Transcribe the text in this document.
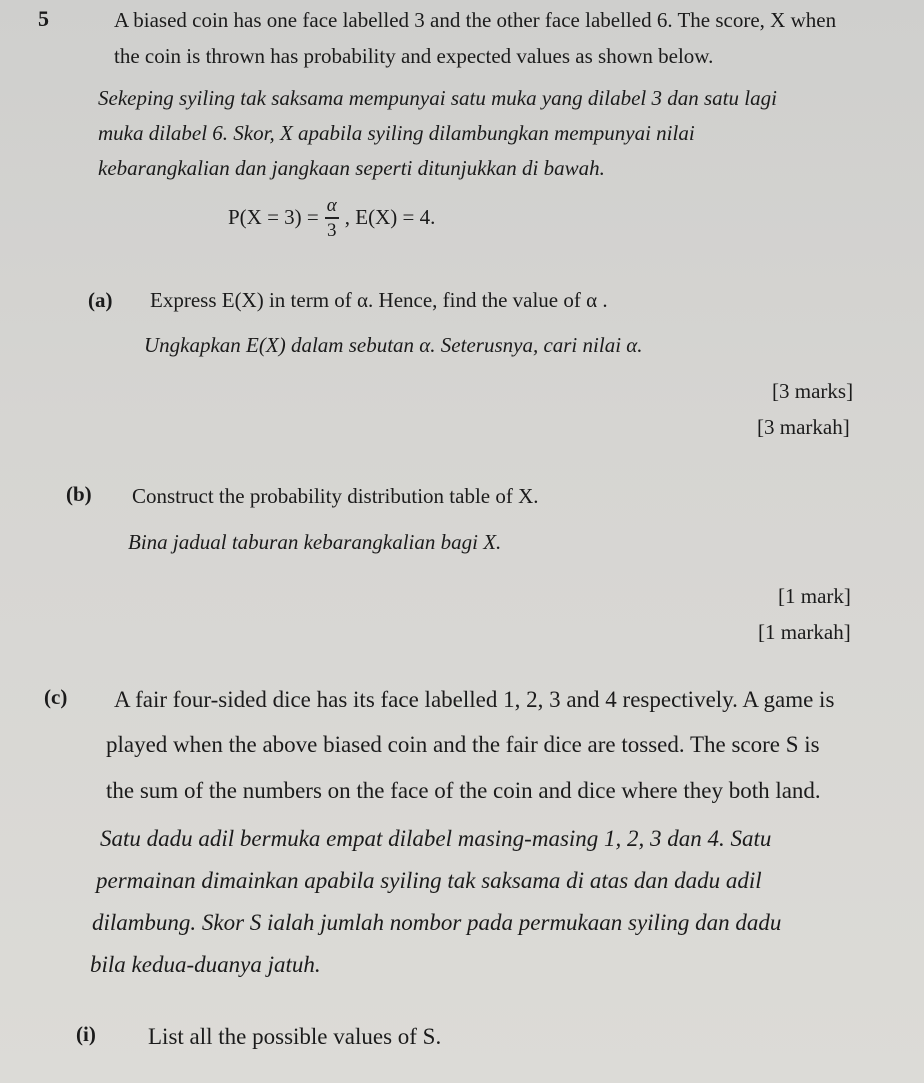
5	A biased coin has one face labelled 3 and the other face labelled 6. The score, X when
the coin is thrown has probability and expected values as shown below.
Sekeping syiling tak saksama mempunyai satu muka yang dilabel 3 dan satu lagi
muka dilabel 6. Skor, X apabila syiling dilambungkan mempunyai nilai
kebarangkalian dan jangkaan seperti ditunjukkan di bawah.
$P(X = 3) = \frac{\alpha}{3}$ , E(X) = 4.
(a) Express E(X) in term of α. Hence, find the value of α .
Ungkapkan E(X) dalam sebutan α. Seterusnya, cari nilai α.
[3 marks]
[3 markah]
(b) Construct the probability distribution table of X.
Bina jadual taburan kebarangkalian bagi X.
[1 mark]
[1 markah]
(c) A fair four-sided dice has its face labelled 1, 2, 3 and 4 respectively. A game is
played when the above biased coin and the fair dice are tossed. The score S is
the sum of the numbers on the face of the coin and dice where they both land.
Satu dadu adil bermuka empat dilabel masing-masing 1, 2, 3 dan 4. Satu
permainan dimainkan apabila syiling tak saksama di atas dan dadu adil
dilambung. Skor S ialah jumlah nombor pada permukaan syiling dan dadu
bila kedua-duanya jatuh.
(i) List all the possible values of S.
